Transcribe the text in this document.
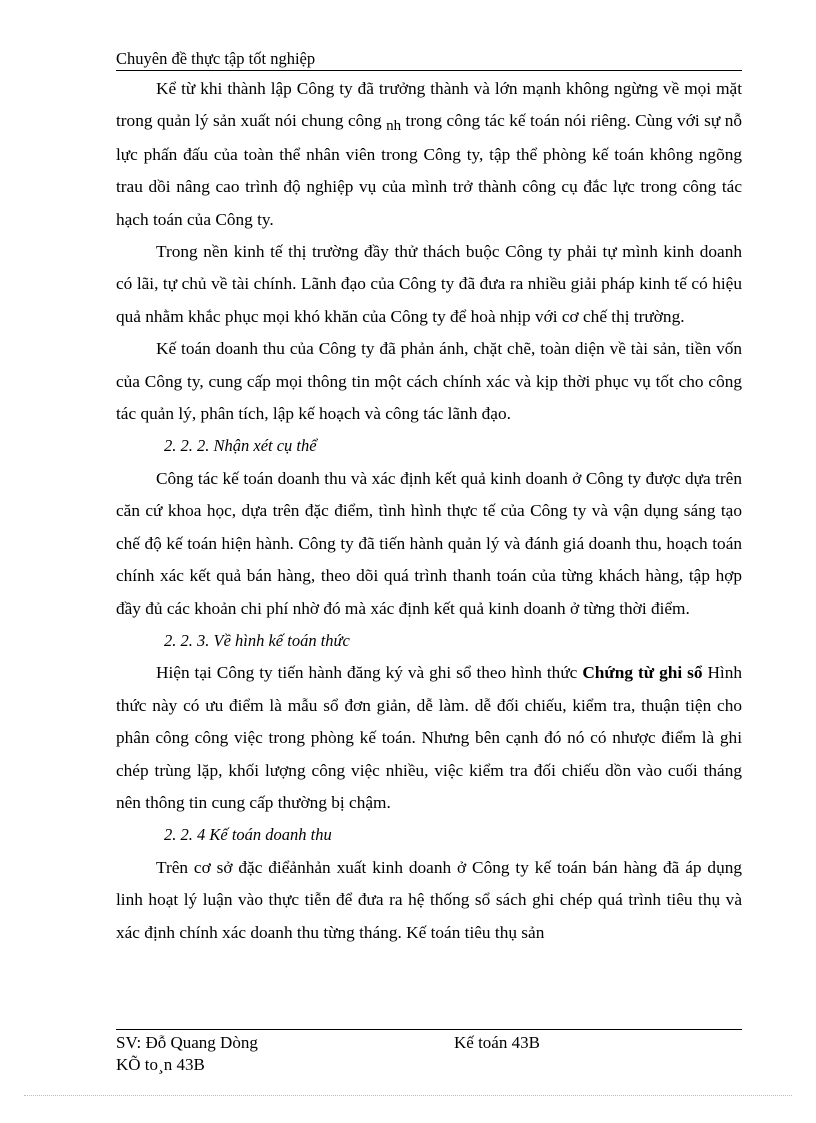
Chuyên đề thực tập tốt nghiệp

Kể từ khi thành lập Công ty đã trưởng thành và lớn mạnh không ngừng về mọi mặt trong quản lý sản xuất nói chung công nh trong công tác kế toán nói riêng. Cùng với sự nỗ lực phấn đấu của toàn thể nhân viên trong Công ty, tập thể phòng kế toán không ngõng trau dồi nâng cao trình độ nghiệp vụ của mình trở thành công cụ đắc lực trong công tác hạch toán của Công ty.

Trong nền kinh tế thị trường đầy thử thách buộc Công ty phải tự mình kinh doanh có lãi, tự chủ về tài chính. Lãnh đạo của Công ty đã đưa ra nhiều giải pháp kinh tế có hiệu quả nhằm khắc phục mọi khó khăn của Công ty để hoà nhịp với cơ chế thị trường.

Kế toán doanh thu của Công ty đã phản ánh, chặt chẽ, toàn diện về tài sản, tiền vốn của Công ty, cung cấp mọi thông tin một cách chính xác và kịp thời phục vụ tốt cho công tác quản lý, phân tích, lập kế hoạch và công tác lãnh đạo.

2. 2. 2. Nhận xét cụ thể

Công tác kế toán doanh thu và xác định kết quả kinh doanh ở Công ty được dựa trên căn cứ khoa học, dựa trên đặc điểm, tình hình thực tế của Công ty và vận dụng sáng tạo chế độ kế toán hiện hành. Công ty đã tiến hành quản lý và đánh giá doanh thu, hoạch toán chính xác kết quả bán hàng, theo dõi quá trình thanh toán của từng khách hàng, tập hợp đầy đủ các khoản chi phí nhờ đó mà xác định kết quả kinh doanh ở từng thời điểm.

2. 2. 3. Về hình kế toán thức

Hiện tại Công ty tiến hành đăng ký và ghi sổ theo hình thức Chứng từ ghi sổ Hình thức này có ưu điểm là mẫu sổ đơn giản, dễ làm. dễ đối chiếu, kiểm tra, thuận tiện cho phân công công việc trong phòng kế toán. Nhưng bên cạnh đó nó có nhược điểm là ghi chép trùng lặp, khối lượng công việc nhiều, việc kiểm tra đối chiếu dồn vào cuối tháng nên thông tin cung cấp thường bị chậm.

2. 2. 4 Kế toán doanh thu

Trên cơ sở đặc điểảnhản xuất kinh doanh ở Công ty kế toán bán hàng đã áp dụng linh hoạt lý luận vào thực tiễn để đưa ra hệ thống sổ sách ghi chép quá trình tiêu thụ và xác định chính xác doanh thu từng tháng. Kế toán tiêu thụ sản

SV: Đỗ Quang Dòng	Kế toán 43B
KÕ to¸n 43B
